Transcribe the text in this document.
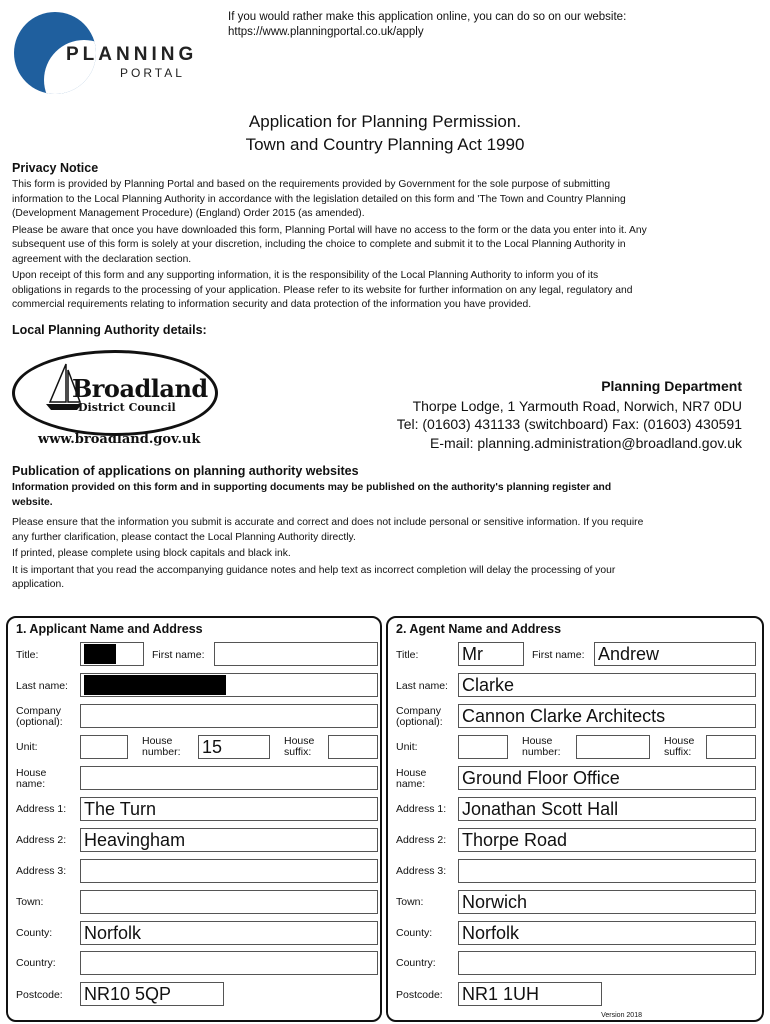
PLANNING
PORTAL
If you would rather make this application online, you can do so on our website:
https://www.planningportal.co.uk/apply
Application for Planning Permission.
Town and Country Planning Act 1990
Privacy Notice
This form is provided by Planning Portal and based on the requirements provided by Government for the sole purpose of submitting
information to the Local Planning Authority in accordance with the legislation detailed on this form and 'The Town and Country Planning
(Development Management Procedure) (England) Order 2015 (as amended).
Please be aware that once you have downloaded this form, Planning Portal will have no access to the form or the data you enter into it. Any
subsequent use of this form is solely at your discretion, including the choice to complete and submit it to the Local Planning Authority in
agreement with the declaration section.
Upon receipt of this form and any supporting information, it is the responsibility of the Local Planning Authority to inform you of its
obligations in regards to the processing of your application. Please refer to its website for further information on any legal, regulatory and
commercial requirements relating to information security and data protection of the information you have provided.
Local Planning Authority details:
Broadland
District Council
www.broadland.gov.uk
Planning Department
Thorpe Lodge, 1 Yarmouth Road, Norwich, NR7 0DU
Tel: (01603) 431133 (switchboard) Fax: (01603) 430591
E-mail: planning.administration@broadland.gov.uk
Publication of applications on planning authority websites
Information provided on this form and in supporting documents may be published on the authority's planning register and
website.
Please ensure that the information you submit is accurate and correct and does not include personal or sensitive information. If you require
any further clarification, please contact the Local Planning Authority directly.
If printed, please complete using block capitals and black ink.
It is important that you read the accompanying guidance notes and help text as incorrect completion will delay the processing of your
application.
1. Applicant Name and Address
Title:	First name:
Last name:
Company
(optional):
Unit:	House
number: 15	House
suffix:
House
name:
Address 1: The Turn
Address 2: Heavingham
Address 3:
Town:
County: Norfolk
Country:
Postcode: NR10 5QP
2. Agent Name and Address
Title: Mr	First name: Andrew
Last name: Clarke
Company
(optional): Cannon Clarke Architects
Unit:	House
number:
House
suffix:
House
name: Ground Floor Office
Address 1: Jonathan Scott Hall
Address 2: Thorpe Road
Address 3:
Town: Norwich
County: Norfolk
Country:
Postcode: NR1 1UH
Version 2018
